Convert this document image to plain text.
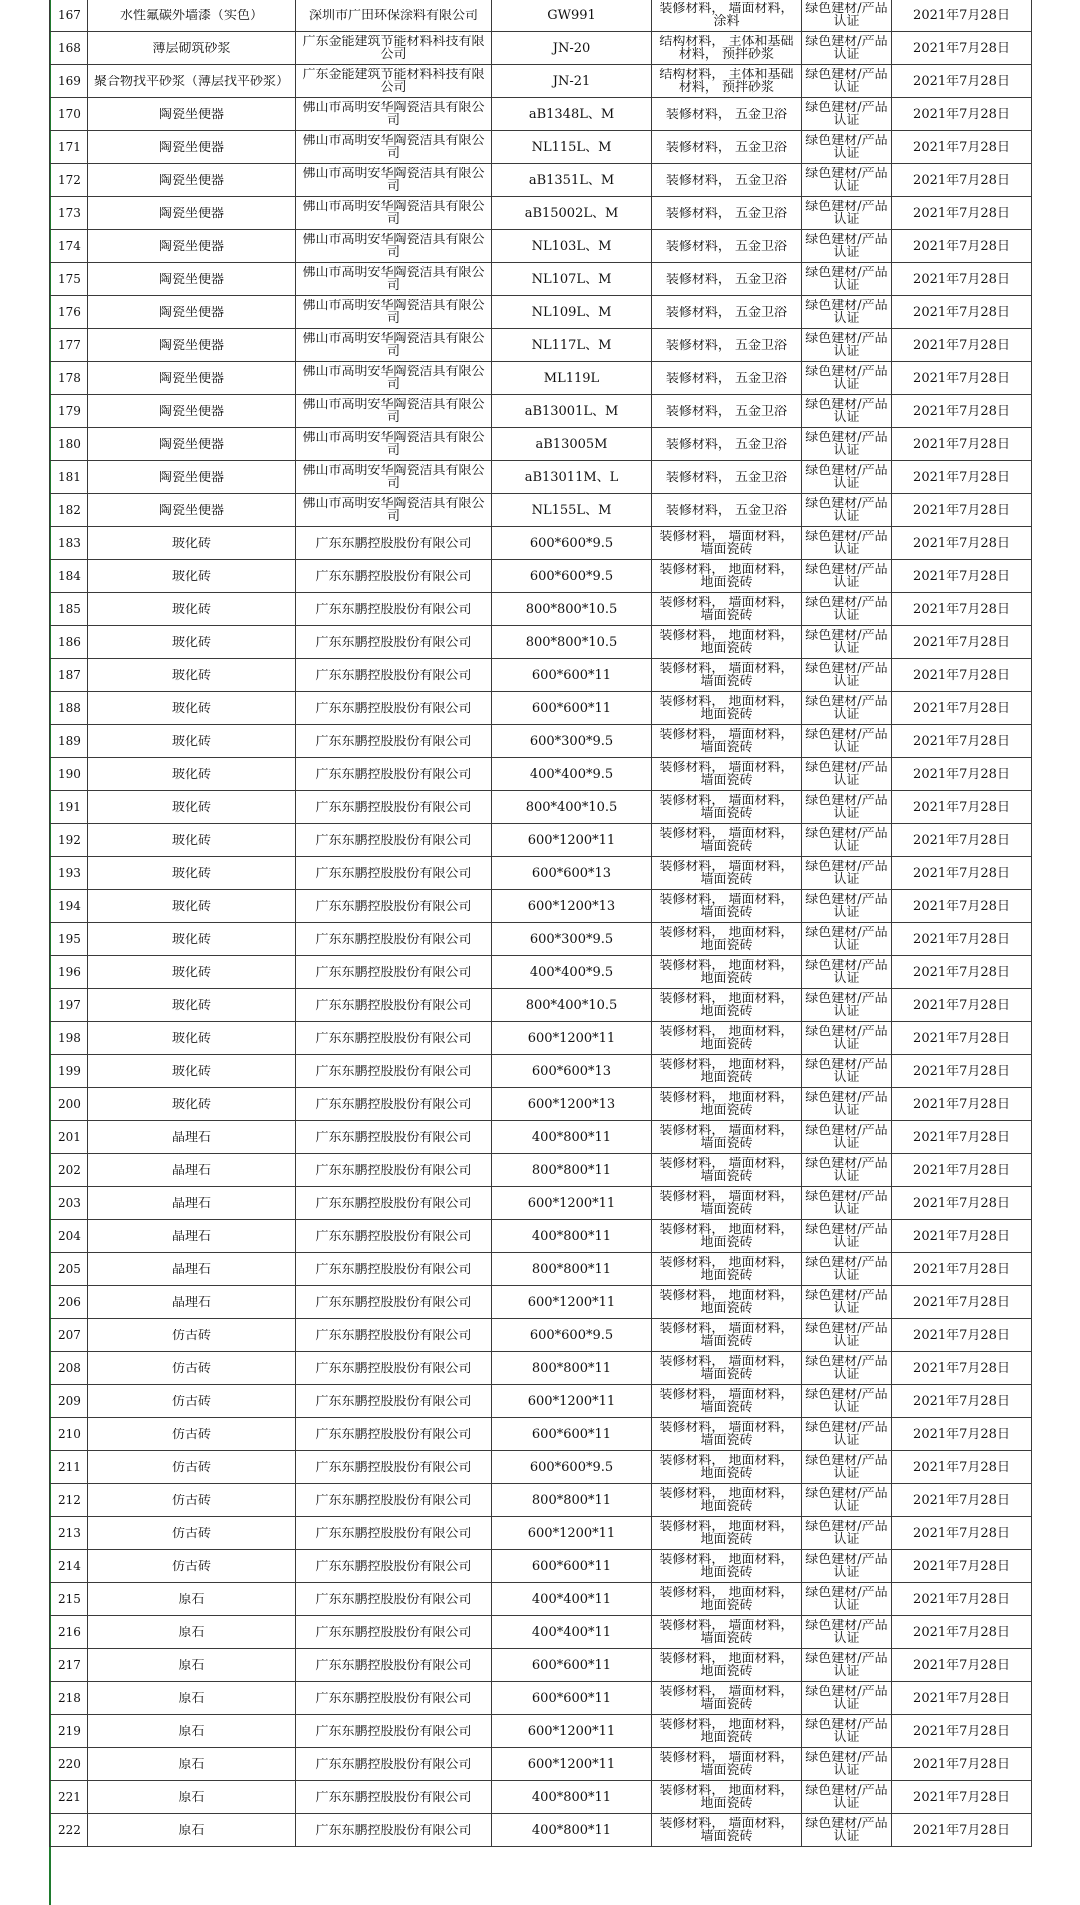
167	水性氟碳外墙漆（实色）	深圳市广田环保涂料有限公司	GW991	装修材料， 墙面材料， 涂料	绿色建材/产品认证	2021年7月28日

168	薄层砌筑砂浆	广东金能建筑节能材料科技有限公司	JN-20	结构材料， 主体和基础材料， 预拌砂浆	绿色建材/产品认证	2021年7月28日

169	聚合物找平砂浆（薄层找平砂浆）	广东金能建筑节能材料科技有限公司	JN-21	结构材料， 主体和基础材料， 预拌砂浆	绿色建材/产品认证	2021年7月28日

170	陶瓷坐便器	佛山市高明安华陶瓷洁具有限公司	aB1348L、M	装修材料， 五金卫浴	绿色建材/产品认证	2021年7月28日

171	陶瓷坐便器	佛山市高明安华陶瓷洁具有限公司	NL115L、M	装修材料， 五金卫浴	绿色建材/产品认证	2021年7月28日

172	陶瓷坐便器	佛山市高明安华陶瓷洁具有限公司	aB1351L、M	装修材料， 五金卫浴	绿色建材/产品认证	2021年7月28日

173	陶瓷坐便器	佛山市高明安华陶瓷洁具有限公司	aB15002L、M	装修材料， 五金卫浴	绿色建材/产品认证	2021年7月28日

174	陶瓷坐便器	佛山市高明安华陶瓷洁具有限公司	NL103L、M	装修材料， 五金卫浴	绿色建材/产品认证	2021年7月28日

175	陶瓷坐便器	佛山市高明安华陶瓷洁具有限公司	NL107L、M	装修材料， 五金卫浴	绿色建材/产品认证	2021年7月28日

176	陶瓷坐便器	佛山市高明安华陶瓷洁具有限公司	NL109L、M	装修材料， 五金卫浴	绿色建材/产品认证	2021年7月28日

177	陶瓷坐便器	佛山市高明安华陶瓷洁具有限公司	NL117L、M	装修材料， 五金卫浴	绿色建材/产品认证	2021年7月28日

178	陶瓷坐便器	佛山市高明安华陶瓷洁具有限公司	ML119L	装修材料， 五金卫浴	绿色建材/产品认证	2021年7月28日

179	陶瓷坐便器	佛山市高明安华陶瓷洁具有限公司	aB13001L、M	装修材料， 五金卫浴	绿色建材/产品认证	2021年7月28日

180	陶瓷坐便器	佛山市高明安华陶瓷洁具有限公司	aB13005M	装修材料， 五金卫浴	绿色建材/产品认证	2021年7月28日

181	陶瓷坐便器	佛山市高明安华陶瓷洁具有限公司	aB13011M、L	装修材料， 五金卫浴	绿色建材/产品认证	2021年7月28日

182	陶瓷坐便器	佛山市高明安华陶瓷洁具有限公司	NL155L、M	装修材料， 五金卫浴	绿色建材/产品认证	2021年7月28日

183	玻化砖	广东东鹏控股股份有限公司	600*600*9.5	装修材料， 墙面材料， 墙面瓷砖	绿色建材/产品认证	2021年7月28日

184	玻化砖	广东东鹏控股股份有限公司	600*600*9.5	装修材料， 地面材料， 地面瓷砖	绿色建材/产品认证	2021年7月28日

185	玻化砖	广东东鹏控股股份有限公司	800*800*10.5	装修材料， 墙面材料， 墙面瓷砖	绿色建材/产品认证	2021年7月28日

186	玻化砖	广东东鹏控股股份有限公司	800*800*10.5	装修材料， 地面材料， 地面瓷砖	绿色建材/产品认证	2021年7月28日

187	玻化砖	广东东鹏控股股份有限公司	600*600*11	装修材料， 墙面材料， 墙面瓷砖	绿色建材/产品认证	2021年7月28日

188	玻化砖	广东东鹏控股股份有限公司	600*600*11	装修材料， 地面材料， 地面瓷砖	绿色建材/产品认证	2021年7月28日

189	玻化砖	广东东鹏控股股份有限公司	600*300*9.5	装修材料， 墙面材料， 墙面瓷砖	绿色建材/产品认证	2021年7月28日

190	玻化砖	广东东鹏控股股份有限公司	400*400*9.5	装修材料， 墙面材料， 墙面瓷砖	绿色建材/产品认证	2021年7月28日

191	玻化砖	广东东鹏控股股份有限公司	800*400*10.5	装修材料， 墙面材料， 墙面瓷砖	绿色建材/产品认证	2021年7月28日

192	玻化砖	广东东鹏控股股份有限公司	600*1200*11	装修材料， 墙面材料， 墙面瓷砖	绿色建材/产品认证	2021年7月28日

193	玻化砖	广东东鹏控股股份有限公司	600*600*13	装修材料， 墙面材料， 墙面瓷砖	绿色建材/产品认证	2021年7月28日

194	玻化砖	广东东鹏控股股份有限公司	600*1200*13	装修材料， 墙面材料， 墙面瓷砖	绿色建材/产品认证	2021年7月28日

195	玻化砖	广东东鹏控股股份有限公司	600*300*9.5	装修材料， 地面材料， 地面瓷砖	绿色建材/产品认证	2021年7月28日

196	玻化砖	广东东鹏控股股份有限公司	400*400*9.5	装修材料， 地面材料， 地面瓷砖	绿色建材/产品认证	2021年7月28日

197	玻化砖	广东东鹏控股股份有限公司	800*400*10.5	装修材料， 地面材料， 地面瓷砖	绿色建材/产品认证	2021年7月28日

198	玻化砖	广东东鹏控股股份有限公司	600*1200*11	装修材料， 地面材料， 地面瓷砖	绿色建材/产品认证	2021年7月28日

199	玻化砖	广东东鹏控股股份有限公司	600*600*13	装修材料， 地面材料， 地面瓷砖	绿色建材/产品认证	2021年7月28日

200	玻化砖	广东东鹏控股股份有限公司	600*1200*13	装修材料， 地面材料， 地面瓷砖	绿色建材/产品认证	2021年7月28日

201	晶理石	广东东鹏控股股份有限公司	400*800*11	装修材料， 墙面材料， 墙面瓷砖	绿色建材/产品认证	2021年7月28日

202	晶理石	广东东鹏控股股份有限公司	800*800*11	装修材料， 墙面材料， 墙面瓷砖	绿色建材/产品认证	2021年7月28日

203	晶理石	广东东鹏控股股份有限公司	600*1200*11	装修材料， 墙面材料， 墙面瓷砖	绿色建材/产品认证	2021年7月28日

204	晶理石	广东东鹏控股股份有限公司	400*800*11	装修材料， 地面材料， 地面瓷砖	绿色建材/产品认证	2021年7月28日

205	晶理石	广东东鹏控股股份有限公司	800*800*11	装修材料， 地面材料， 地面瓷砖	绿色建材/产品认证	2021年7月28日

206	晶理石	广东东鹏控股股份有限公司	600*1200*11	装修材料， 地面材料， 地面瓷砖	绿色建材/产品认证	2021年7月28日

207	仿古砖	广东东鹏控股股份有限公司	600*600*9.5	装修材料， 墙面材料， 墙面瓷砖	绿色建材/产品认证	2021年7月28日

208	仿古砖	广东东鹏控股股份有限公司	800*800*11	装修材料， 墙面材料， 墙面瓷砖	绿色建材/产品认证	2021年7月28日

209	仿古砖	广东东鹏控股股份有限公司	600*1200*11	装修材料， 墙面材料， 墙面瓷砖	绿色建材/产品认证	2021年7月28日

210	仿古砖	广东东鹏控股股份有限公司	600*600*11	装修材料， 墙面材料， 墙面瓷砖	绿色建材/产品认证	2021年7月28日

211	仿古砖	广东东鹏控股股份有限公司	600*600*9.5	装修材料， 地面材料， 地面瓷砖	绿色建材/产品认证	2021年7月28日

212	仿古砖	广东东鹏控股股份有限公司	800*800*11	装修材料， 地面材料， 地面瓷砖	绿色建材/产品认证	2021年7月28日

213	仿古砖	广东东鹏控股股份有限公司	600*1200*11	装修材料， 地面材料， 地面瓷砖	绿色建材/产品认证	2021年7月28日

214	仿古砖	广东东鹏控股股份有限公司	600*600*11	装修材料， 地面材料， 地面瓷砖	绿色建材/产品认证	2021年7月28日

215	原石	广东东鹏控股股份有限公司	400*400*11	装修材料， 地面材料， 地面瓷砖	绿色建材/产品认证	2021年7月28日

216	原石	广东东鹏控股股份有限公司	400*400*11	装修材料， 墙面材料， 墙面瓷砖	绿色建材/产品认证	2021年7月28日

217	原石	广东东鹏控股股份有限公司	600*600*11	装修材料， 地面材料， 地面瓷砖	绿色建材/产品认证	2021年7月28日

218	原石	广东东鹏控股股份有限公司	600*600*11	装修材料， 墙面材料， 墙面瓷砖	绿色建材/产品认证	2021年7月28日

219	原石	广东东鹏控股股份有限公司	600*1200*11	装修材料， 地面材料， 地面瓷砖	绿色建材/产品认证	2021年7月28日

220	原石	广东东鹏控股股份有限公司	600*1200*11	装修材料， 墙面材料， 墙面瓷砖	绿色建材/产品认证	2021年7月28日

221	原石	广东东鹏控股股份有限公司	400*800*11	装修材料， 地面材料， 地面瓷砖	绿色建材/产品认证	2021年7月28日

222	原石	广东东鹏控股股份有限公司	400*800*11	装修材料， 墙面材料， 墙面瓷砖	绿色建材/产品认证	2021年7月28日
